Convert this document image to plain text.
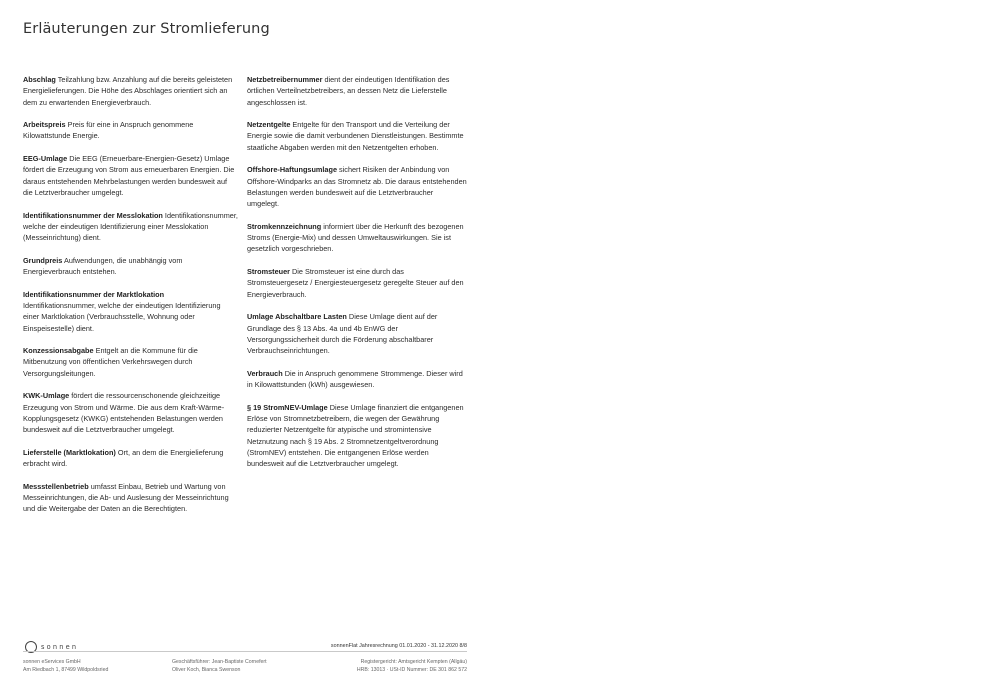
Erläuterungen zur Stromlieferung

Abschlag Teilzahlung bzw. Anzahlung auf die bereits geleisteten Energielieferungen. Die Höhe des Abschlages orientiert sich an dem zu erwartenden Energieverbrauch.

Arbeitspreis Preis für eine in Anspruch genommene Kilowattstunde Energie.

EEG-Umlage Die EEG (Erneuerbare-Energien-Gesetz) Umlage fördert die Erzeugung von Strom aus erneuerbaren Energien. Die daraus entstehenden Mehrbelastungen werden bundesweit auf die Letztverbraucher umgelegt.

Identifikationsnummer der Messlokation Identifikationsnummer, welche der eindeutigen Identifizierung einer Messlokation (Messeinrichtung) dient.

Grundpreis Aufwendungen, die unabhängig vom Energieverbrauch entstehen.

Identifikationsnummer der Marktlokation Identifikationsnummer, welche der eindeutigen Identifizierung einer Marktlokation (Verbrauchsstelle, Wohnung oder Einspeisestelle) dient.

Konzessionsabgabe Entgelt an die Kommune für die Mitbenutzung von öffentlichen Verkehrswegen durch Versorgungsleitungen.

KWK-Umlage fördert die ressourcenschonende gleichzeitige Erzeugung von Strom und Wärme. Die aus dem Kraft-Wärme- Kopplungsgesetz (KWKG) entstehenden Belastungen werden bundesweit auf die Letztverbraucher umgelegt.

Lieferstelle (Marktlokation) Ort, an dem die Energielieferung erbracht wird.

Messstellenbetrieb umfasst Einbau, Betrieb und Wartung von Messeinrichtungen, die Ab- und Auslesung der Messeinrichtung und die Weitergabe der Daten an die Berechtigten.

Netzbetreibernummer dient der eindeutigen Identifikation des örtlichen Verteilnetzbetreibers, an dessen Netz die Lieferstelle angeschlossen ist.

Netzentgelte Entgelte für den Transport und die Verteilung der Energie sowie die damit verbundenen Dienstleistungen. Bestimmte staatliche Abgaben werden mit den Netzentgelten erhoben.

Offshore-Haftungsumlage sichert Risiken der Anbindung von Offshore-Windparks an das Stromnetz ab. Die daraus entstehenden Belastungen werden bundesweit auf die Letztverbraucher umgelegt.

Stromkennzeichnung informiert über die Herkunft des bezogenen Stroms (Energie-Mix) und dessen Umweltauswirkungen. Sie ist gesetzlich vorgeschrieben.

Stromsteuer Die Stromsteuer ist eine durch das Stromsteuergesetz / Energiesteuergesetz geregelte Steuer auf den Energieverbrauch.

Umlage Abschaltbare Lasten Diese Umlage dient auf der Grundlage des § 13 Abs. 4a und 4b EnWG der Versorgungssicherheit durch die Förderung abschaltbarer Verbrauchseinrichtungen.

Verbrauch Die in Anspruch genommene Strommenge. Dieser wird in Kilowattstunden (kWh) ausgewiesen.

§ 19 StromNEV-Umlage Diese Umlage finanziert die entgangenen Erlöse von Stromnetzbetreibern, die wegen der Gewährung reduzierter Netzentgelte für atypische und stromintensive Netznutzung nach § 19 Abs. 2 Stromnetzentgeltverordnung (StromNEV) entstehen. Die entgangenen Erlöse werden bundesweit auf die Letztverbraucher umgelegt.

sonnen	sonnenFlat Jahresrechnung 01.01.2020 - 31.12.2020 8/8
sonnen eServices GmbH
Am Riedbach 1, 87499 Wildpoldsried
Geschäftsführer: Jean-Baptiste Cornefert
Oliver Koch, Bianca Swenson
Registergericht: Amtsgericht Kempten (Allgäu)
HRB: 13013 · USt-ID Nummer: DE 301 862 572
